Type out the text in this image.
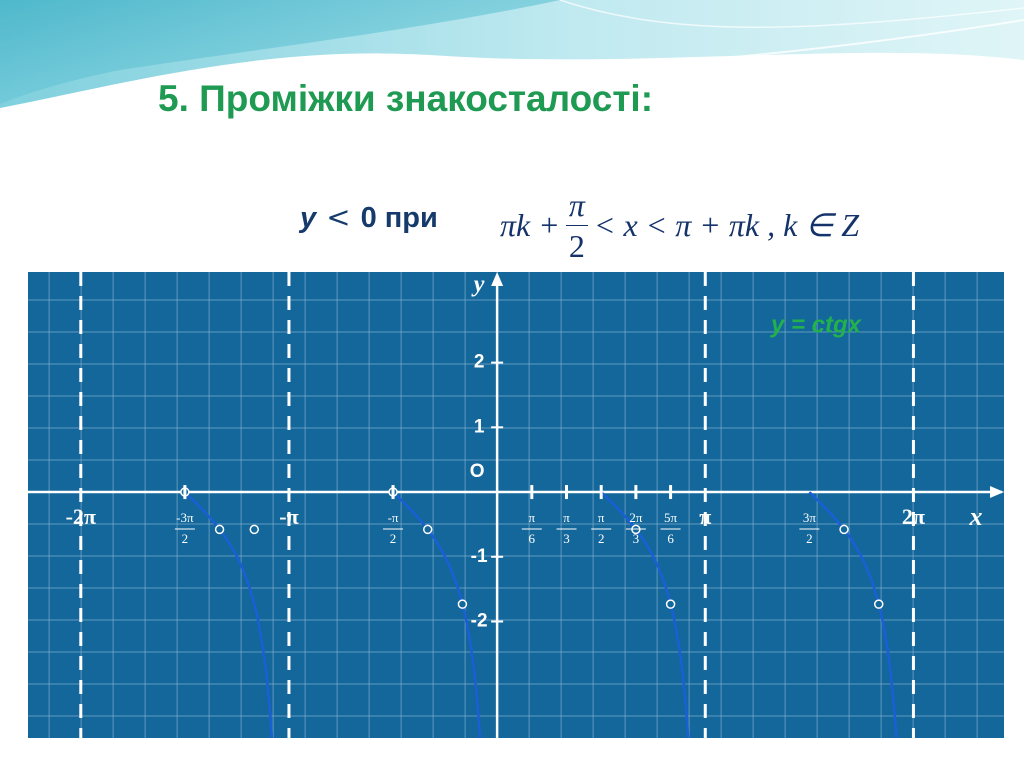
5. Проміжки знакосталості:
y < 0 при $\pi k + \frac{\pi}{2} < x < \pi + \pi k$ , k ∈ Z
2
1
-1
-2
O
y
x
y = ctgx
-2π	-π	π	2π
-3π
2
-π
2
π
6
π
3
π
2
2π
3
5π
6
3π
2
